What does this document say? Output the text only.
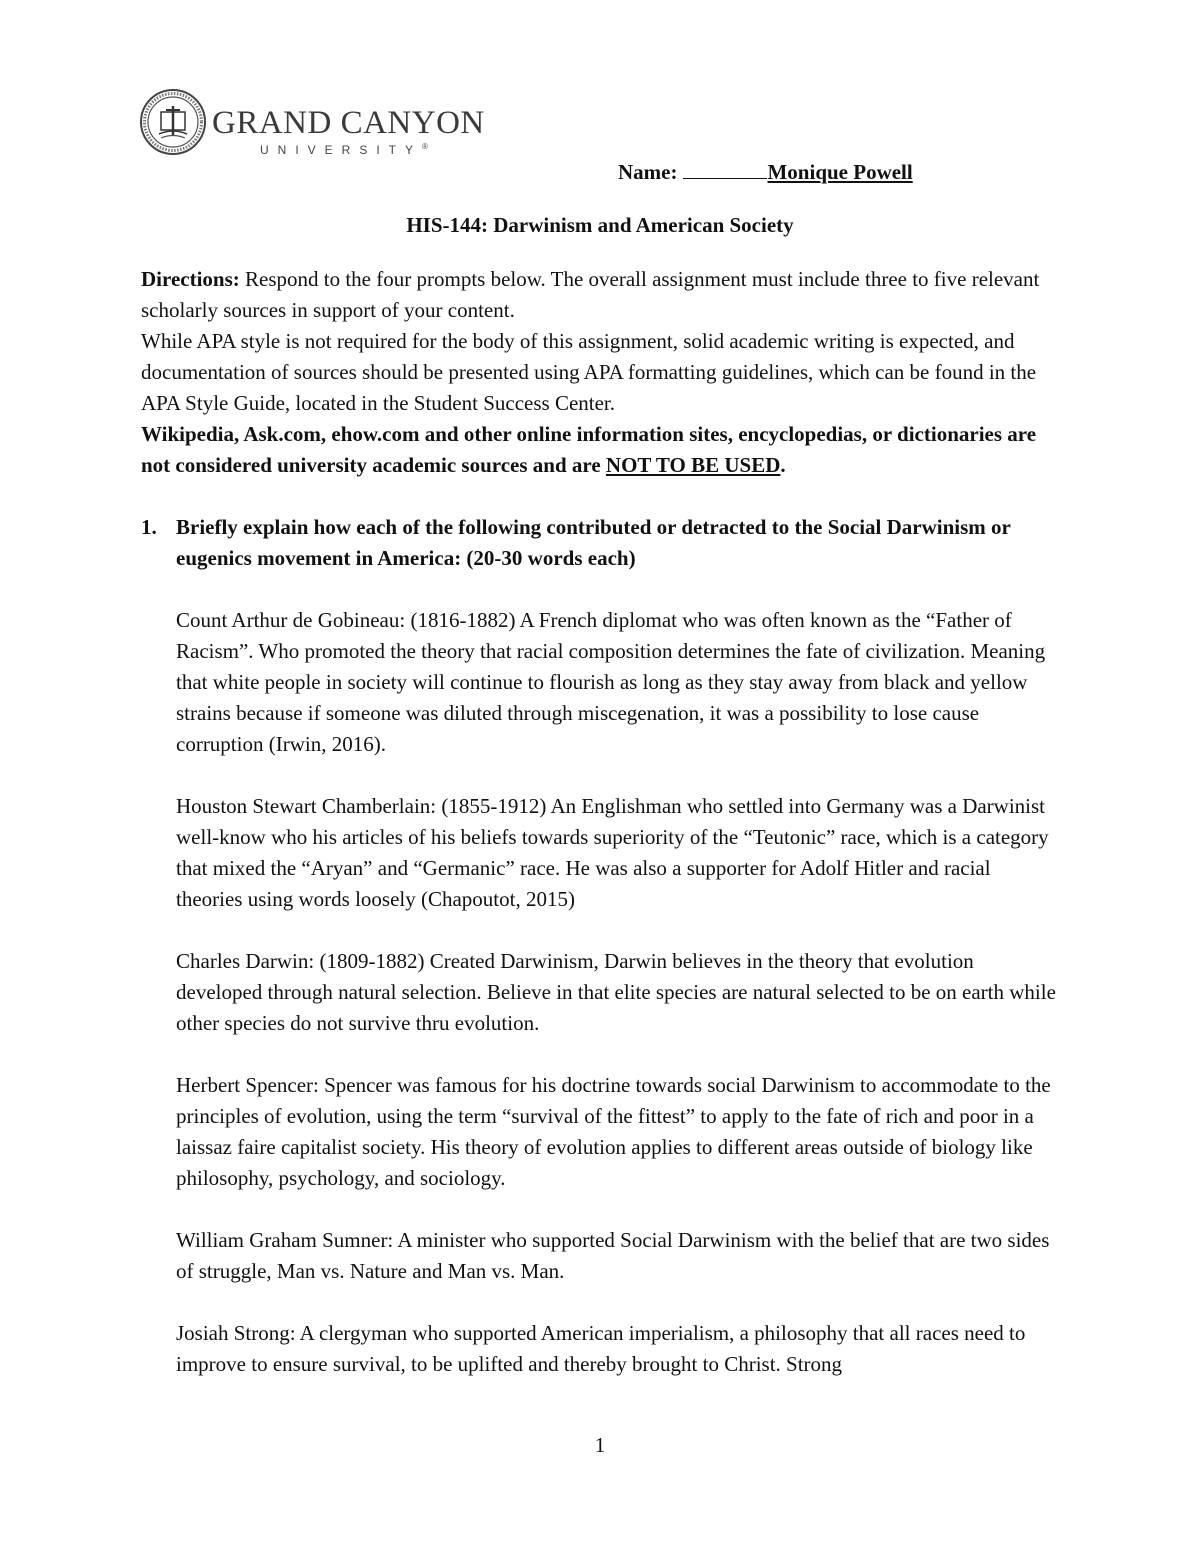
GRAND CANYON
UNIVERSITY®
Name:	Monique Powell
HIS-144: Darwinism and American Society

Directions: Respond to the four prompts below. The overall assignment must include three to five relevant scholarly sources in support of your content.

While APA style is not required for the body of this assignment, solid academic writing is expected, and documentation of sources should be presented using APA formatting guidelines, which can be found in the APA Style Guide, located in the Student Success Center.

Wikipedia, Ask.com, ehow.com and other online information sites, encyclopedias, or dictionaries are not considered university academic sources and are NOT TO BE USED.

1. Briefly explain how each of the following contributed or detracted to the Social Darwinism or eugenics movement in America: (20-30 words each)

Count Arthur de Gobineau: (1816-1882) A French diplomat who was often known as the “Father of Racism”. Who promoted the theory that racial composition determines the fate of civilization. Meaning that white people in society will continue to flourish as long as they stay away from black and yellow strains because if someone was diluted through miscegenation, it was a possibility to lose cause corruption (Irwin, 2016).

Houston Stewart Chamberlain: (1855-1912) An Englishman who settled into Germany was a Darwinist well-know who his articles of his beliefs towards superiority of the “Teutonic” race, which is a category that mixed the “Aryan” and “Germanic” race. He was also a supporter for Adolf Hitler and racial theories using words loosely (Chapoutot, 2015)

Charles Darwin: (1809-1882) Created Darwinism, Darwin believes in the theory that evolution developed through natural selection. Believe in that elite species are natural selected to be on earth while other species do not survive thru evolution.

Herbert Spencer: Spencer was famous for his doctrine towards social Darwinism to accommodate to the principles of evolution, using the term “survival of the fittest” to apply to the fate of rich and poor in a laissaz faire capitalist society. His theory of evolution applies to different areas outside of biology like philosophy, psychology, and sociology.

William Graham Sumner: A minister who supported Social Darwinism with the belief that are two sides of struggle, Man vs. Nature and Man vs. Man.

Josiah Strong: A clergyman who supported American imperialism, a philosophy that all races need to improve to ensure survival, to be uplifted and thereby brought to Christ. Strong

1
